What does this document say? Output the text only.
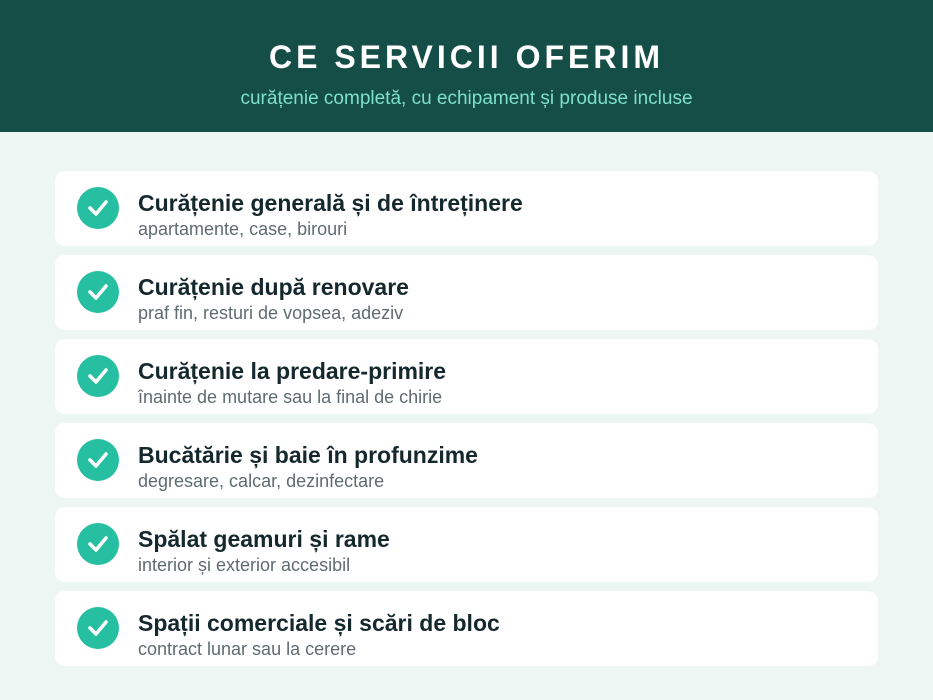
CE SERVICII OFERIM
curățenie completă, cu echipament și produse incluse
Curățenie generală și de întreținere
apartamente, case, birouri
Curățenie după renovare
praf fin, resturi de vopsea, adeziv
Curățenie la predare-primire
înainte de mutare sau la final de chirie
Bucătărie și baie în profunzime
degresare, calcar, dezinfectare
Spălat geamuri și rame
interior și exterior accesibil
Spații comerciale și scări de bloc
contract lunar sau la cerere
